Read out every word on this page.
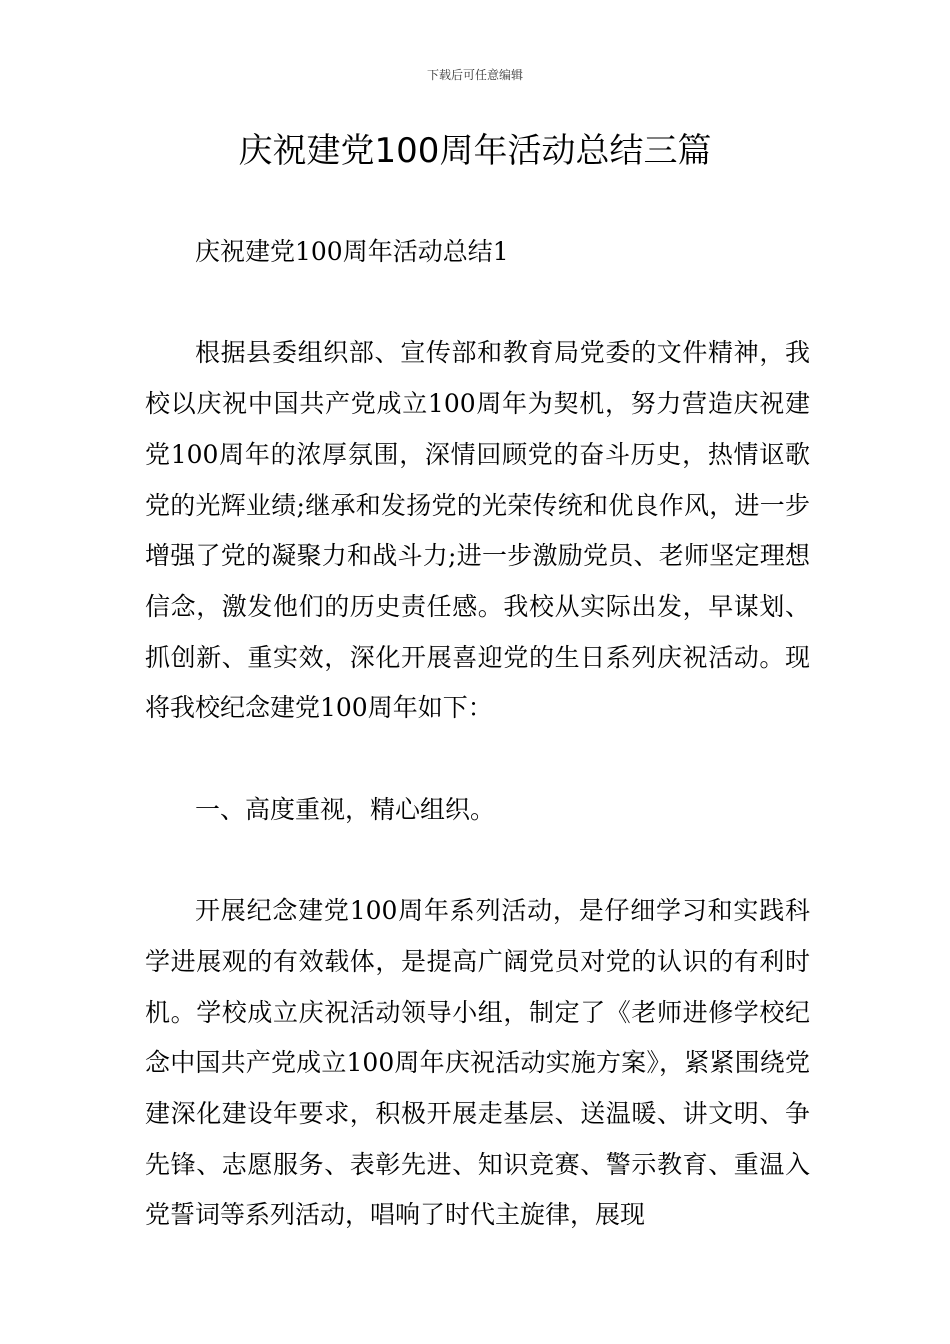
下载后可任意编辑
庆祝建党100周年活动总结三篇

庆祝建党100周年活动总结1

根据县委组织部、宣传部和教育局党委的文件精神，我校以庆祝中国共产党成立100周年为契机，努力营造庆祝建党100周年的浓厚氛围，深情回顾党的奋斗历史，热情讴歌党的光辉业绩;继承和发扬党的光荣传统和优良作风，进一步增强了党的凝聚力和战斗力;进一步激励党员、老师坚定理想信念，激发他们的历史责任感。我校从实际出发，早谋划、抓创新、重实效，深化开展喜迎党的生日系列庆祝活动。现将我校纪念建党100周年如下：

一、高度重视，精心组织。

开展纪念建党100周年系列活动，是仔细学习和实践科学进展观的有效载体，是提高广阔党员对党的认识的有利时机。学校成立庆祝活动领导小组，制定了《老师进修学校纪念中国共产党成立100周年庆祝活动实施方案》，紧紧围绕党建深化建设年要求，积极开展走基层、送温暖、讲文明、争先锋、志愿服务、表彰先进、知识竞赛、警示教育、重温入党誓词等系列活动，唱响了时代主旋律，展现
